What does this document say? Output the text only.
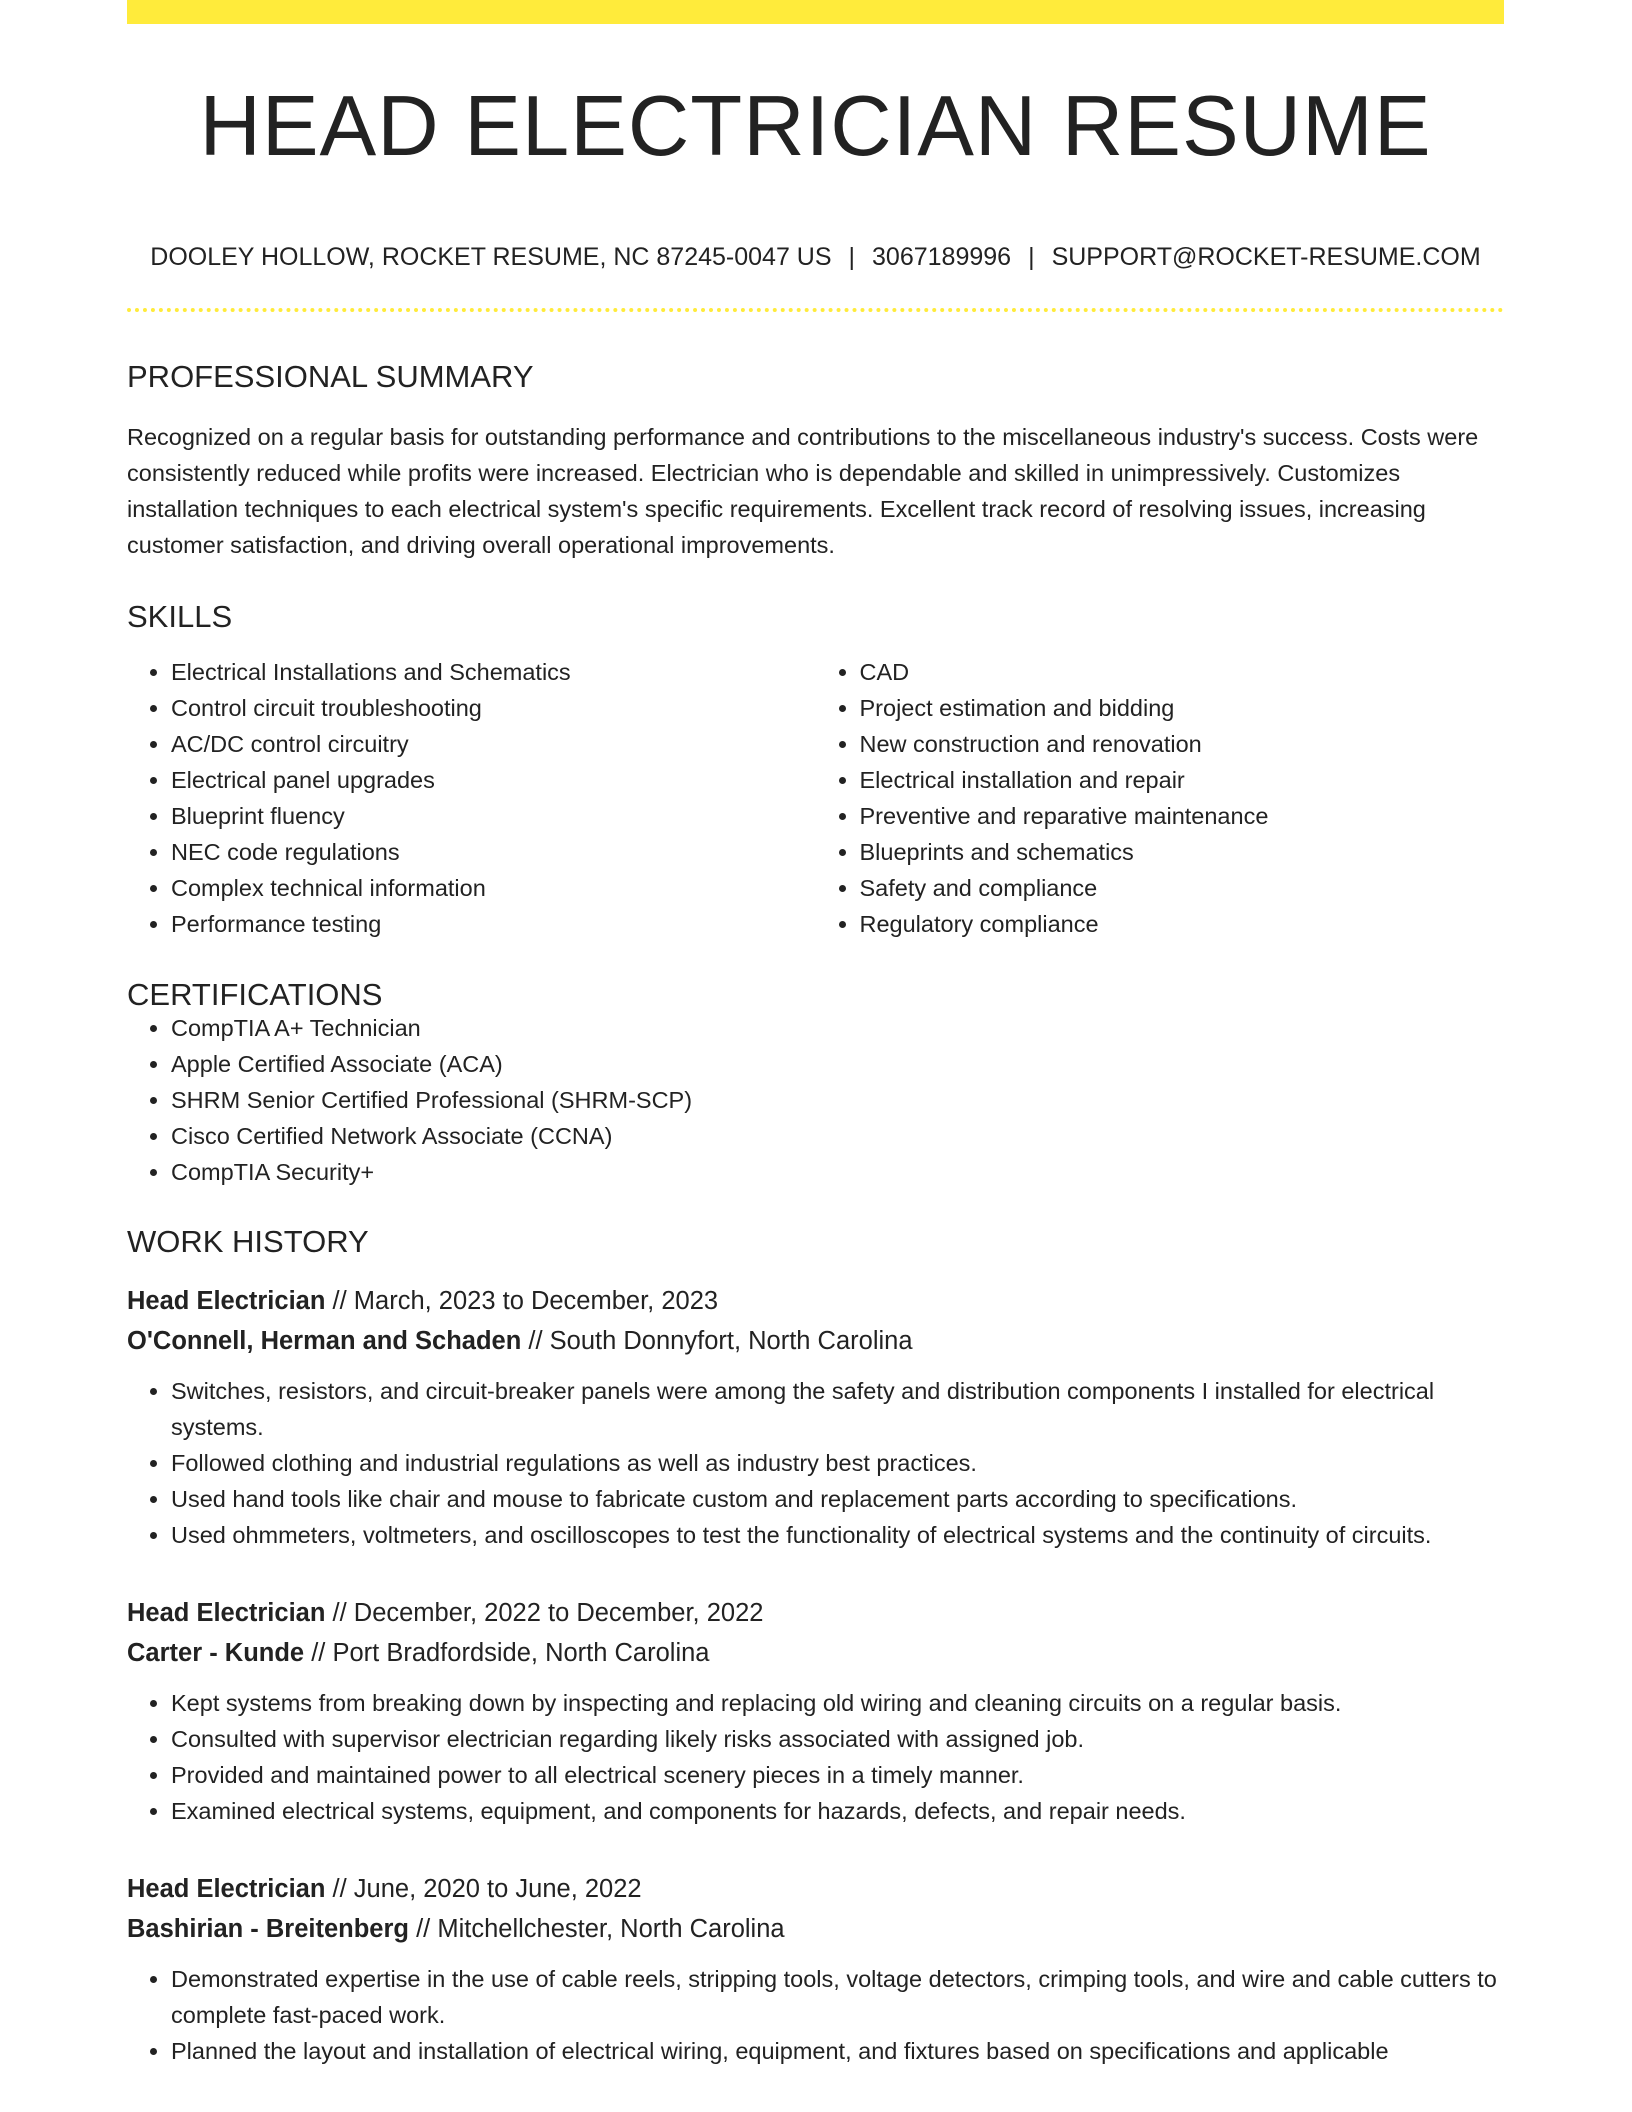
HEAD ELECTRICIAN RESUME
DOOLEY HOLLOW, ROCKET RESUME, NC 87245-0047 US | 3067189996 | SUPPORT@ROCKET-RESUME.COM
PROFESSIONAL SUMMARY

Recognized on a regular basis for outstanding performance and contributions to the miscellaneous industry's success. Costs were consistently reduced while profits were increased. Electrician who is dependable and skilled in unimpressively. Customizes installation techniques to each electrical system's specific requirements. Excellent track record of resolving issues, increasing customer satisfaction, and driving overall operational improvements.

SKILLS
• Electrical Installations and Schematics
• Control circuit troubleshooting
• AC/DC control circuitry
• Electrical panel upgrades
• Blueprint fluency
• NEC code regulations
• Complex technical information
• Performance testing
• CAD
• Project estimation and bidding
• New construction and renovation
• Electrical installation and repair
• Preventive and reparative maintenance
• Blueprints and schematics
• Safety and compliance
• Regulatory compliance
CERTIFICATIONS
• CompTIA A+ Technician
• Apple Certified Associate (ACA)
• SHRM Senior Certified Professional (SHRM-SCP)
• Cisco Certified Network Associate (CCNA)
• CompTIA Security+
WORK HISTORY
Head Electrician // March, 2023 to December, 2023
O'Connell, Herman and Schaden // South Donnyfort, North Carolina
• Switches, resistors, and circuit-breaker panels were among the safety and distribution components I installed for electrical systems.
• Followed clothing and industrial regulations as well as industry best practices.
• Used hand tools like chair and mouse to fabricate custom and replacement parts according to specifications.
• Used ohmmeters, voltmeters, and oscilloscopes to test the functionality of electrical systems and the continuity of circuits.
Head Electrician // December, 2022 to December, 2022
Carter - Kunde // Port Bradfordside, North Carolina
• Kept systems from breaking down by inspecting and replacing old wiring and cleaning circuits on a regular basis.
• Consulted with supervisor electrician regarding likely risks associated with assigned job.
• Provided and maintained power to all electrical scenery pieces in a timely manner.
• Examined electrical systems, equipment, and components for hazards, defects, and repair needs.
Head Electrician // June, 2020 to June, 2022
Bashirian - Breitenberg // Mitchellchester, North Carolina
• Demonstrated expertise in the use of cable reels, stripping tools, voltage detectors, crimping tools, and wire and cable cutters to complete fast-paced work.
• Planned the layout and installation of electrical wiring, equipment, and fixtures based on specifications and applicable
